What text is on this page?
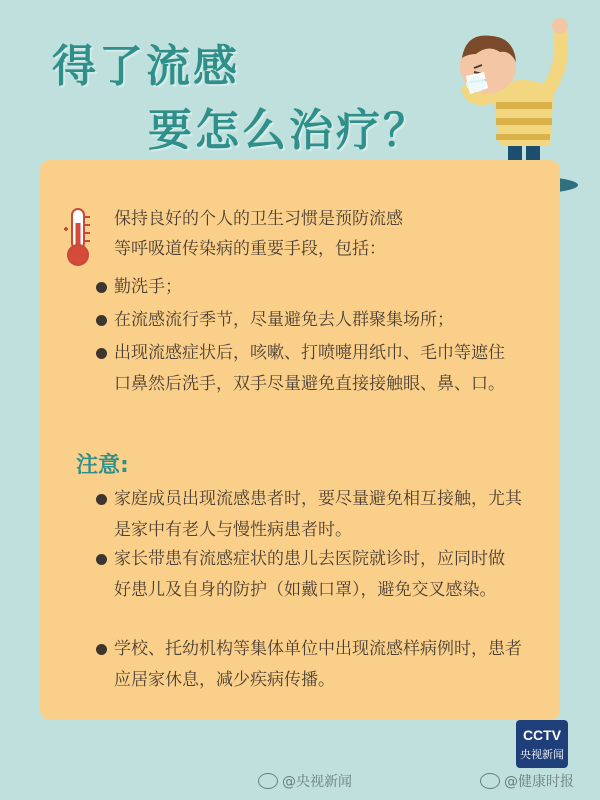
得了流感
要怎么治疗？
保持良好的个人的卫生习惯是预防流感
等呼吸道传染病的重要手段，包括：
勤洗手；
在流感流行季节，尽量避免去人群聚集场所；
出现流感症状后，咳嗽、打喷嚏用纸巾、毛巾等遮住口鼻然后洗手，双手尽量避免直接接触眼、鼻、口。
注意:
家庭成员出现流感患者时，要尽量避免相互接触，尤其是家中有老人与慢性病患者时。
家长带患有流感症状的患儿去医院就诊时，应同时做好患儿及自身的防护（如戴口罩），避免交叉感染。
学校、托幼机构等集体单位中出现流感样病例时，患者应居家休息，减少疾病传播。
CCTV
央视新闻
@央视新闻	@健康时报
